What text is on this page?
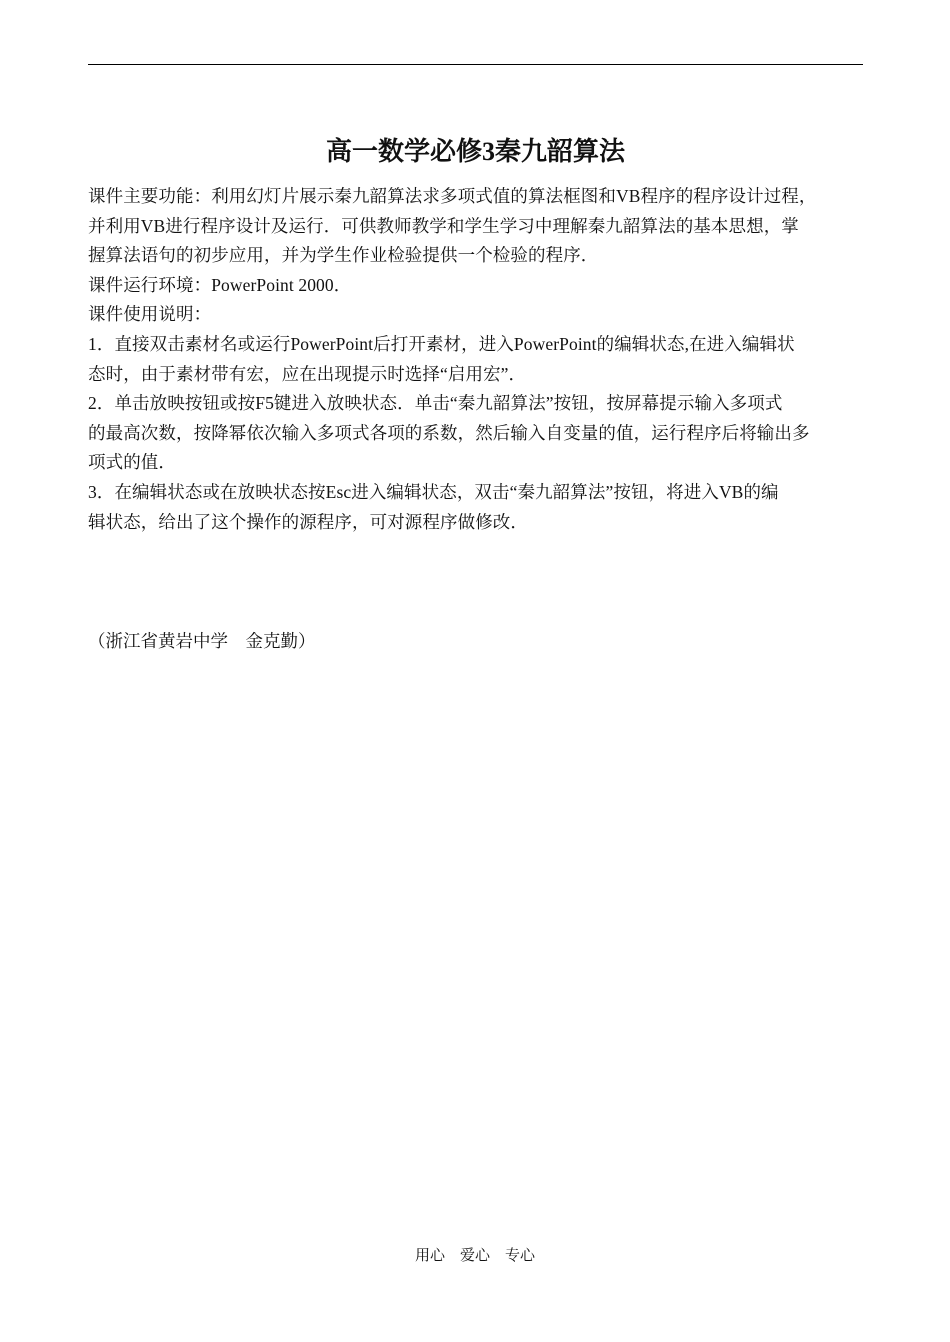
高一数学必修3秦九韶算法
课件主要功能：利用幻灯片展示秦九韶算法求多项式值的算法框图和VB程序的程序设计过程，
并利用VB进行程序设计及运行．可供教师教学和学生学习中理解秦九韶算法的基本思想，掌
握算法语句的初步应用，并为学生作业检验提供一个检验的程序．
课件运行环境：PowerPoint 2000．
课件使用说明：
1．直接双击素材名或运行PowerPoint后打开素材，进入PowerPoint的编辑状态,在进入编辑状
态时，由于素材带有宏，应在出现提示时选择“启用宏”．
2．单击放映按钮或按F5键进入放映状态．单击“秦九韶算法”按钮，按屏幕提示输入多项式
的最高次数，按降幂依次输入多项式各项的系数，然后输入自变量的值，运行程序后将输出多
项式的值．
3．在编辑状态或在放映状态按Esc进入编辑状态，双击“秦九韶算法”按钮，将进入VB的编
辑状态，给出了这个操作的源程序，可对源程序做修改．
（浙江省黄岩中学　金克勤）
用心　爱心　专心
